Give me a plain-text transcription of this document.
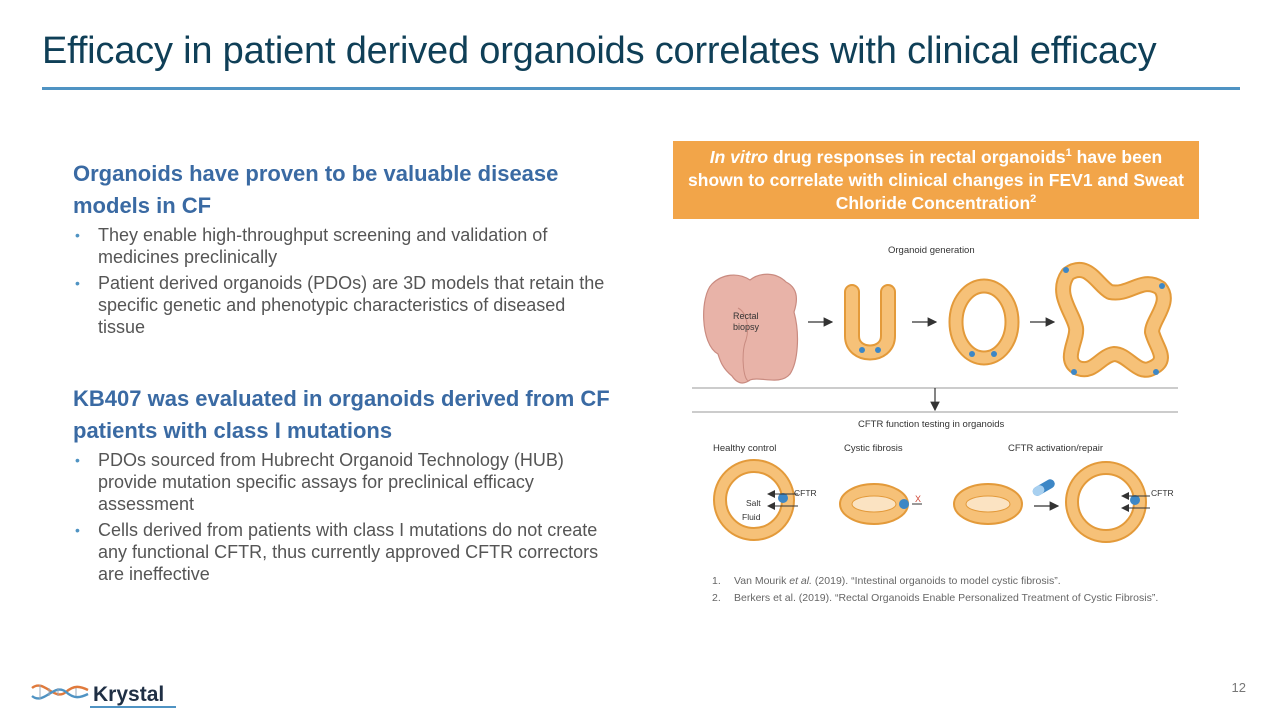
Efficacy in patient derived organoids correlates with clinical efficacy

Organoids have proven to be valuable disease models in CF

• They enable high-throughput screening and validation of medicines preclinically
• Patient derived organoids (PDOs) are 3D models that retain the specific genetic and phenotypic characteristics of diseased tissue

KB407 was evaluated in organoids derived from CF patients with class I mutations

• PDOs sourced from Hubrecht Organoid Technology (HUB) provide mutation specific assays for preclinical efficacy assessment
• Cells derived from patients with class I mutations do not create any functional CFTR, thus currently approved CFTR correctors are ineffective
In vitro drug responses in rectal organoids$^1$ have been shown to correlate with clinical changes in FEV1 and Sweat Chloride Concentration$^2$
Organoid generation
Rectal
biopsy
CFTR function testing in organoids
Healthy control	Cystic fibrosis	CFTR activation/repair
Salt
Fluid
CFTR
X
CFTR
1. Van Mourik et al. (2019). “Intestinal organoids to model cystic fibrosis”.
2. Berkers et al. (2019). “Rectal Organoids Enable Personalized Treatment of Cystic Fibrosis”.
Krystal	12
